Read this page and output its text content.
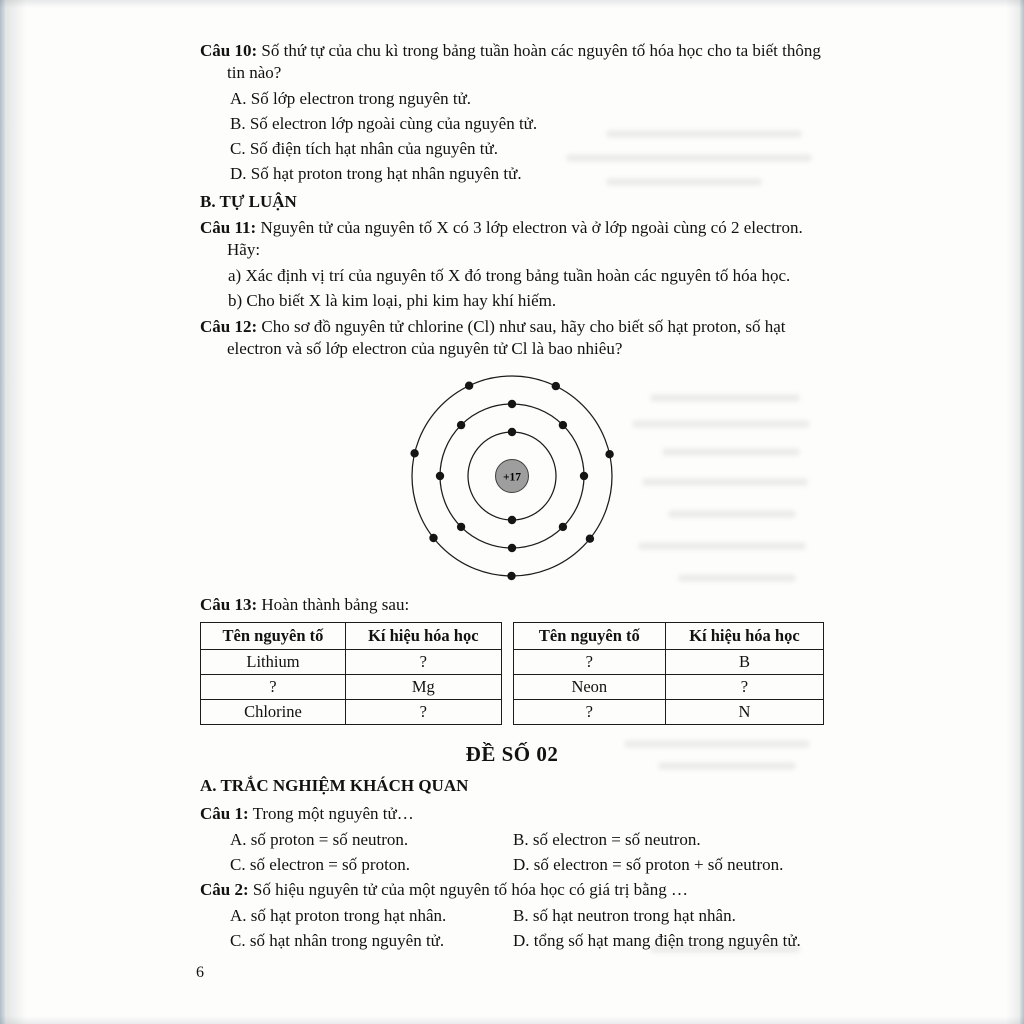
Câu 10: Số thứ tự của chu kì trong bảng tuần hoàn các nguyên tố hóa học cho ta biết thông tin nào?

A. Số lớp electron trong nguyên tử.
B. Số electron lớp ngoài cùng của nguyên tử.
C. Số điện tích hạt nhân của nguyên tử.
D. Số hạt proton trong hạt nhân nguyên tử.
B. TỰ LUẬN

Câu 11: Nguyên tử của nguyên tố X có 3 lớp electron và ở lớp ngoài cùng có 2 electron. Hãy:

a) Xác định vị trí của nguyên tố X đó trong bảng tuần hoàn các nguyên tố hóa học.
b) Cho biết X là kim loại, phi kim hay khí hiếm.

Câu 12: Cho sơ đồ nguyên tử chlorine (Cl) như sau, hãy cho biết số hạt proton, số hạt electron và số lớp electron của nguyên tử Cl là bao nhiêu?

+17

Câu 13: Hoàn thành bảng sau:

Tên nguyên tố	Kí hiệu hóa học
Lithium	?
?	Mg
Chlorine	?
Tên nguyên tố	Kí hiệu hóa học
?	B
Neon	?
?	N
ĐỀ SỐ 02
A. TRẮC NGHIỆM KHÁCH QUAN

Câu 1: Trong một nguyên tử…

A. số proton = số neutron.	B. số electron = số neutron.
C. số electron = số proton.	D. số electron = số proton + số neutron.

Câu 2: Số hiệu nguyên tử của một nguyên tố hóa học có giá trị bằng …

A. số hạt proton trong hạt nhân.	B. số hạt neutron trong hạt nhân.
C. số hạt nhân trong nguyên tử.	D. tổng số hạt mang điện trong nguyên tử.
6
